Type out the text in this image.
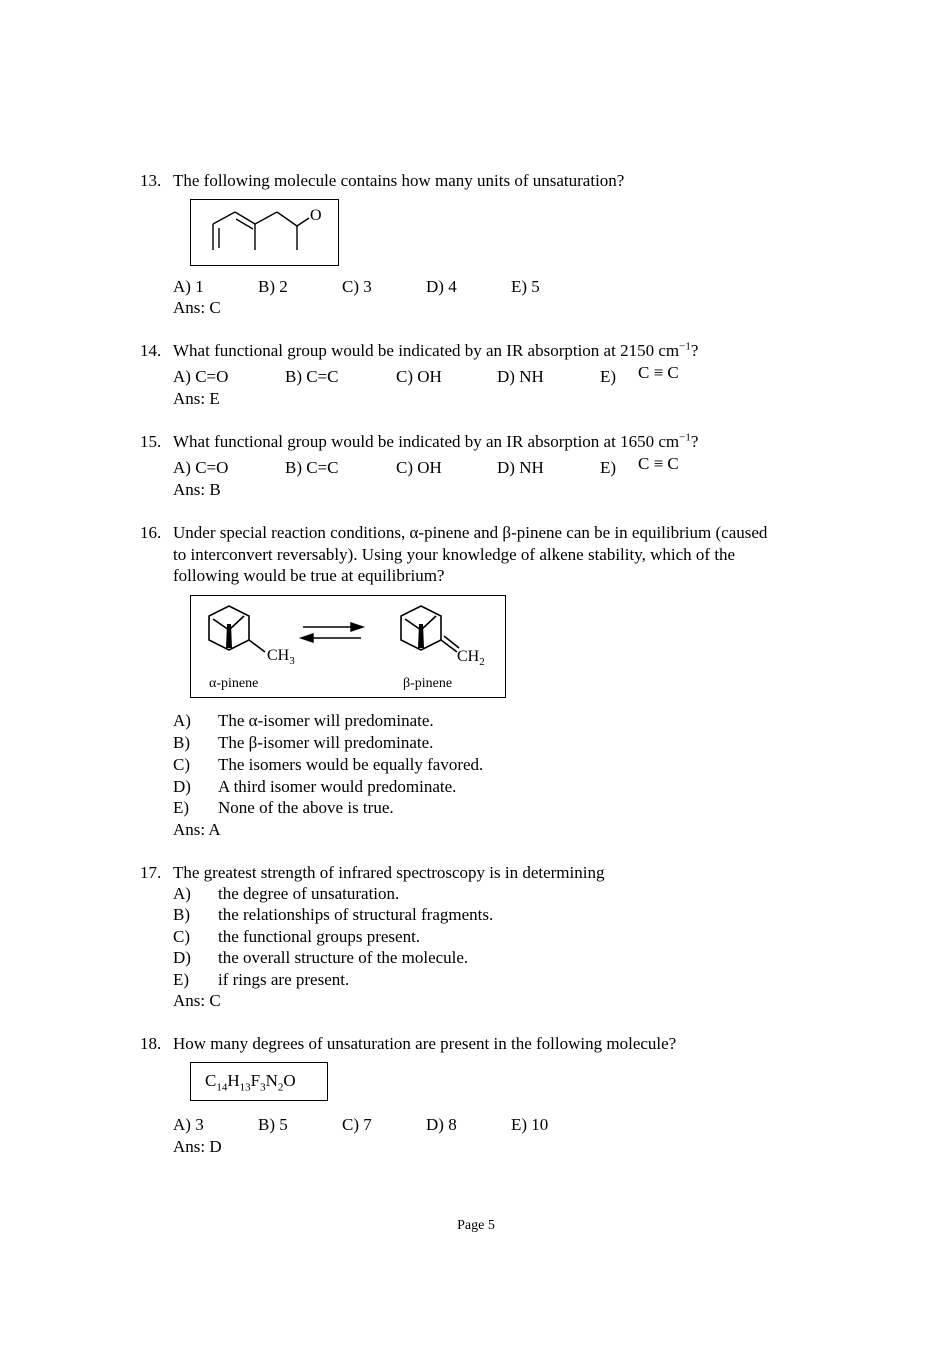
13. The following molecule contains how many units of unsaturation?
O
A) 1	B) 2	C) 3	D) 4	E) 5
Ans: C
14. What functional group would be indicated by an IR absorption at 2150 $cm^{-1}$?
A) C=O	B) C=C	C) OH	D) NH	E) C ≡ C
Ans: E
15. What functional group would be indicated by an IR absorption at 1650 $cm^{-1}$?
A) C=O	B) C=C	C) OH	D) NH	E) C ≡ C
Ans: B
16. Under special reaction conditions, α-pinene and β-pinene can be in equilibrium (caused
to interconvert reversably). Using your knowledge of alkene stability, which of the
following would be true at equilibrium?
$CH_3$	$CH_2$
α-pinene	β-pinene
A) The α-isomer will predominate.
B) The β-isomer will predominate.
C) The isomers would be equally favored.
D) A third isomer would predominate.
E) None of the above is true.
Ans: A
17. The greatest strength of infrared spectroscopy is in determining
A) the degree of unsaturation.
B) the relationships of structural fragments.
C) the functional groups present.
D) the overall structure of the molecule.
E) if rings are present.
Ans: C
18. How many degrees of unsaturation are present in the following molecule?
$C_{14}H_{13}F_3N_2O$
A) 3	B) 5	C) 7	D) 8	E) 10
Ans: D
Page 5
